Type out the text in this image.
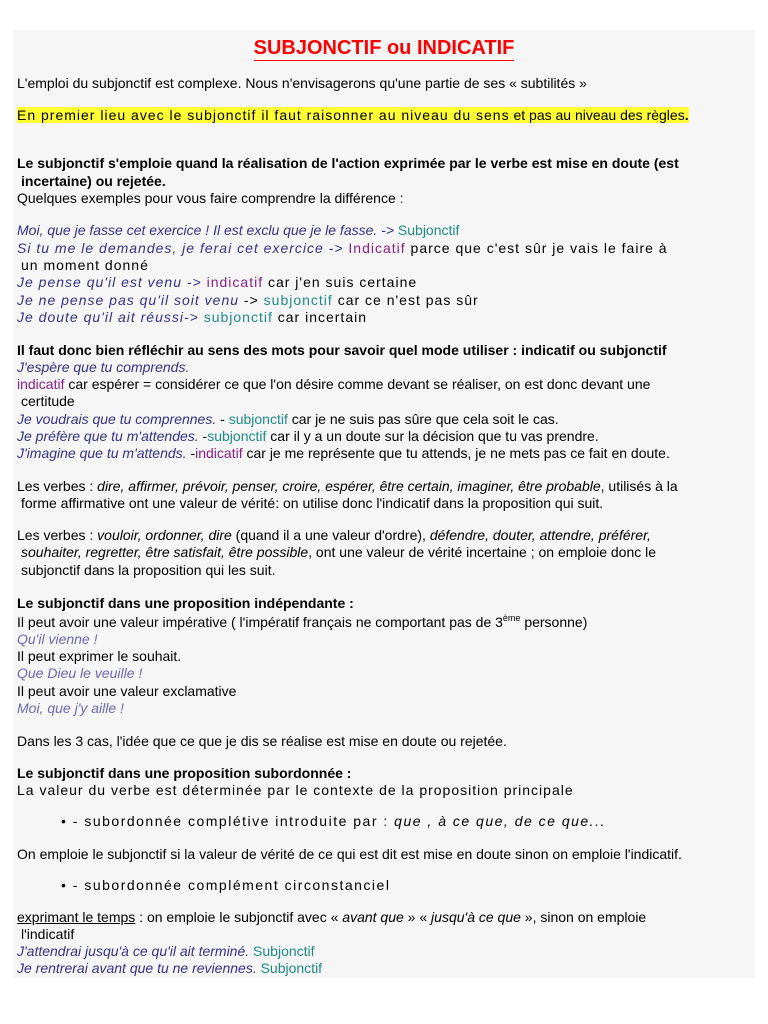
SUBJONCTIF ou INDICATIF
L'emploi du subjonctif est complexe. Nous n'envisagerons qu'une partie de ses « subtilités »
En premier lieu avec le subjonctif il faut raisonner au niveau du sens et pas au niveau des règles.
Le subjonctif s'emploie quand la réalisation de l'action exprimée par le verbe est mise en doute (est
incertaine) ou rejetée.
Quelques exemples pour vous faire comprendre la différence :
Moi, que je fasse cet exercice ! Il est exclu que je le fasse. -> Subjonctif
Si tu me le demandes, je ferai cet exercice -> Indicatif parce que c'est sûr je vais le faire à
un moment donné
Je pense qu'il est venu -> indicatif car j'en suis certaine
Je ne pense pas qu'il soit venu -> subjonctif car ce n'est pas sûr
Je doute qu'il ait réussi-> subjonctif car incertain
Il faut donc bien réfléchir au sens des mots pour savoir quel mode utiliser : indicatif ou subjonctif
J'espère que tu comprends.
indicatif car espérer = considérer ce que l'on désire comme devant se réaliser, on est donc devant une
certitude
Je voudrais que tu comprennes. - subjonctif car je ne suis pas sûre que cela soit le cas.
Je préfère que tu m'attendes. -subjonctif car il y a un doute sur la décision que tu vas prendre.
J'imagine que tu m'attends. -indicatif car je me représente que tu attends, je ne mets pas ce fait en doute.
Les verbes : dire, affirmer, prévoir, penser, croire, espérer, être certain, imaginer, être probable, utilisés à la
forme affirmative ont une valeur de vérité: on utilise donc l'indicatif dans la proposition qui suit.
Les verbes : vouloir, ordonner, dire (quand il a une valeur d'ordre), défendre, douter, attendre, préférer,
souhaiter, regretter, être satisfait, être possible, ont une valeur de vérité incertaine ; on emploie donc le
subjonctif dans la proposition qui les suit.
Le subjonctif dans une proposition indépendante :
Il peut avoir une valeur impérative ( l'impératif français ne comportant pas de 3ème personne)
Qu'il vienne !
Il peut exprimer le souhait.
Que Dieu le veuille !
Il peut avoir une valeur exclamative
Moi, que j'y aille !
Dans les 3 cas, l'idée que ce que je dis se réalise est mise en doute ou rejetée.
Le subjonctif dans une proposition subordonnée :
La valeur du verbe est déterminée par le contexte de la proposition principale
• - subordonnée complétive introduite par : que , à ce que, de ce que...
On emploie le subjonctif si la valeur de vérité de ce qui est dit est mise en doute sinon on emploie l'indicatif.
• - subordonnée complément circonstanciel
exprimant le temps : on emploie le subjonctif avec « avant que » « jusqu'à ce que », sinon on emploie
l'indicatif
J'attendrai jusqu'à ce qu'il ait terminé. Subjonctif
Je rentrerai avant que tu ne reviennes. Subjonctif
